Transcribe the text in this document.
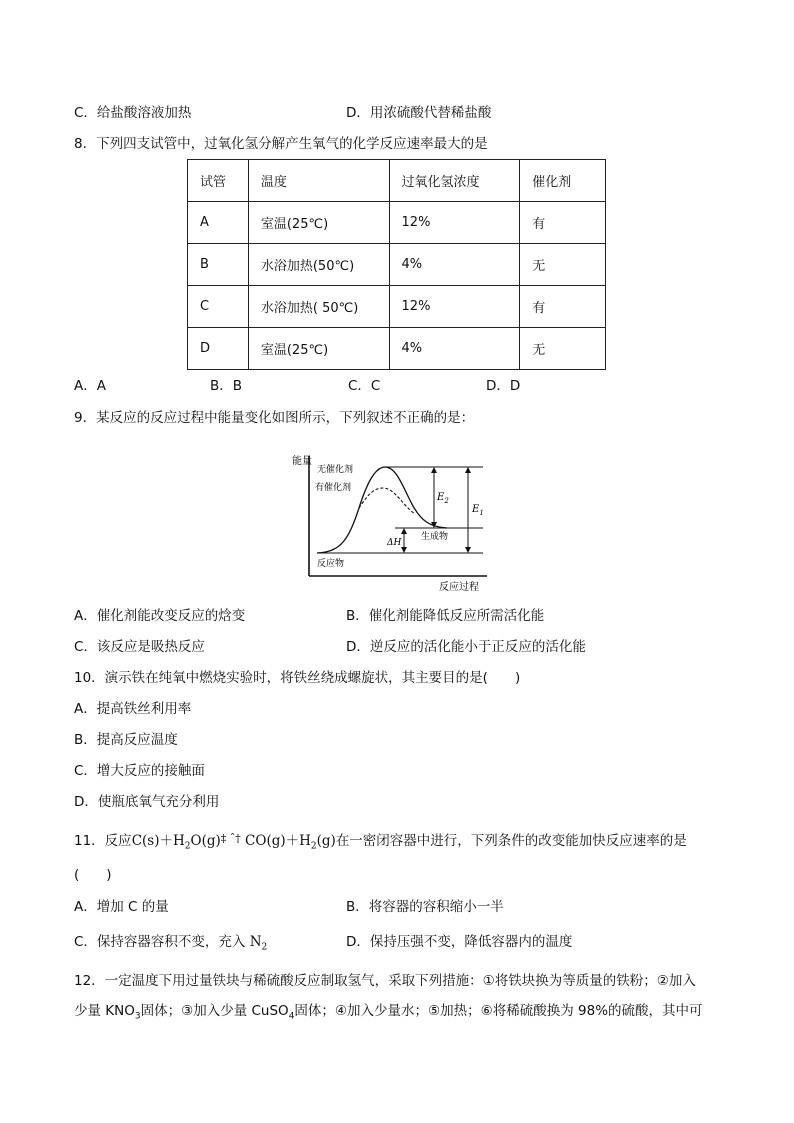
C．给盐酸溶液加热	D．用浓硫酸代替稀盐酸
8．下列四支试管中，过氧化氢分解产生氧气的化学反应速率最大的是
试管	温度	过氧化氢浓度	催化剂
A	室温(25℃)	12%	有
B	水浴加热(50℃)	4%	无
C	水浴加热( 50℃)	12%	有
D	室温(25℃)	4%	无
A．A	B．B	C．C	D．D
9．某反应的反应过程中能量变化如图所示，下列叙述不正确的是：
能量
无催化剂
有催化剂
生成物
反应物
ΔH
$E_2$
$E_1$
反应过程
A．催化剂能改变反应的焓变	B．催化剂能降低反应所需活化能
C．该反应是吸热反应	D．逆反应的活化能小于正反应的活化能
10．演示铁在纯氧中燃烧实验时，将铁丝绕成螺旋状，其主要目的是(　　)
A．提高铁丝利用率
B．提高反应温度
C．增大反应的接触面
D．使瓶底氧气充分利用
11．反应$C(s)+H_2O(g)^{\ddagger ˆ\dagger}$ $CO(g)+H_2(g)$在一密闭容器中进行，下列条件的改变能加快反应速率的是
(　　)
A．增加 C 的量	B．将容器的容积缩小一半
C．保持容器容积不变，充入 $N_2$	D．保持压强不变，降低容器内的温度
12．一定温度下用过量铁块与稀硫酸反应制取氢气，采取下列措施：①将铁块换为等质量的铁粉；②加入
少量 $KNO_3$固体；③加入少量 CuSO$_4$固体；④加入少量水；⑤加热；⑥将稀硫酸换为 98%的硫酸，其中可
